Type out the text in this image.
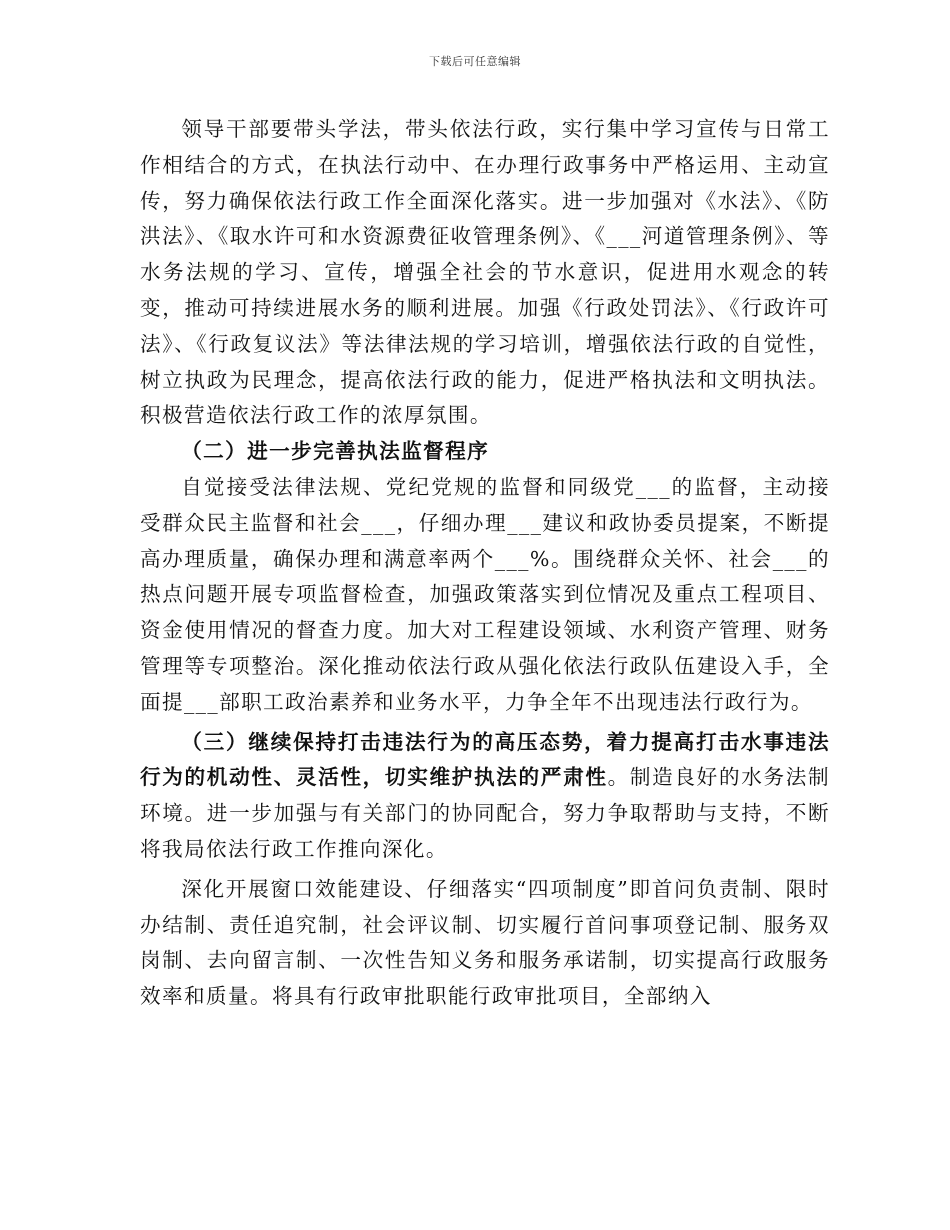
下载后可任意编辑

领导干部要带头学法，带头依法行政，实行集中学习宣传与日常工作相结合的方式，在执法行动中、在办理行政事务中严格运用、主动宣传，努力确保依法行政工作全面深化落实。进一步加强对《水法》、《防洪法》、《取水许可和水资源费征收管理条例》、《___河道管理条例》、等水务法规的学习、宣传，增强全社会的节水意识，促进用水观念的转变，推动可持续进展水务的顺利进展。加强《行政处罚法》、《行政许可法》、《行政复议法》等法律法规的学习培训，增强依法行政的自觉性，树立执政为民理念，提高依法行政的能力，促进严格执法和文明执法。积极营造依法行政工作的浓厚氛围。

（二）进一步完善执法监督程序

自觉接受法律法规、党纪党规的监督和同级党___的监督，主动接受群众民主监督和社会___，仔细办理___建议和政协委员提案，不断提高办理质量，确保办理和满意率两个___%。围绕群众关怀、社会___的热点问题开展专项监督检查，加强政策落实到位情况及重点工程项目、资金使用情况的督查力度。加大对工程建设领域、水利资产管理、财务管理等专项整治。深化推动依法行政从强化依法行政队伍建设入手，全面提___部职工政治素养和业务水平，力争全年不出现违法行政行为。

（三）继续保持打击违法行为的高压态势，着力提高打击水事违法行为的机动性、灵活性，切实维护执法的严肃性。制造良好的水务法制环境。进一步加强与有关部门的协同配合，努力争取帮助与支持，不断将我局依法行政工作推向深化。

深化开展窗口效能建设、仔细落实“四项制度”即首问负责制、限时办结制、责任追究制，社会评议制、切实履行首问事项登记制、服务双岗制、去向留言制、一次性告知义务和服务承诺制，切实提高行政服务效率和质量。将具有行政审批职能行政审批项目，全部纳入
